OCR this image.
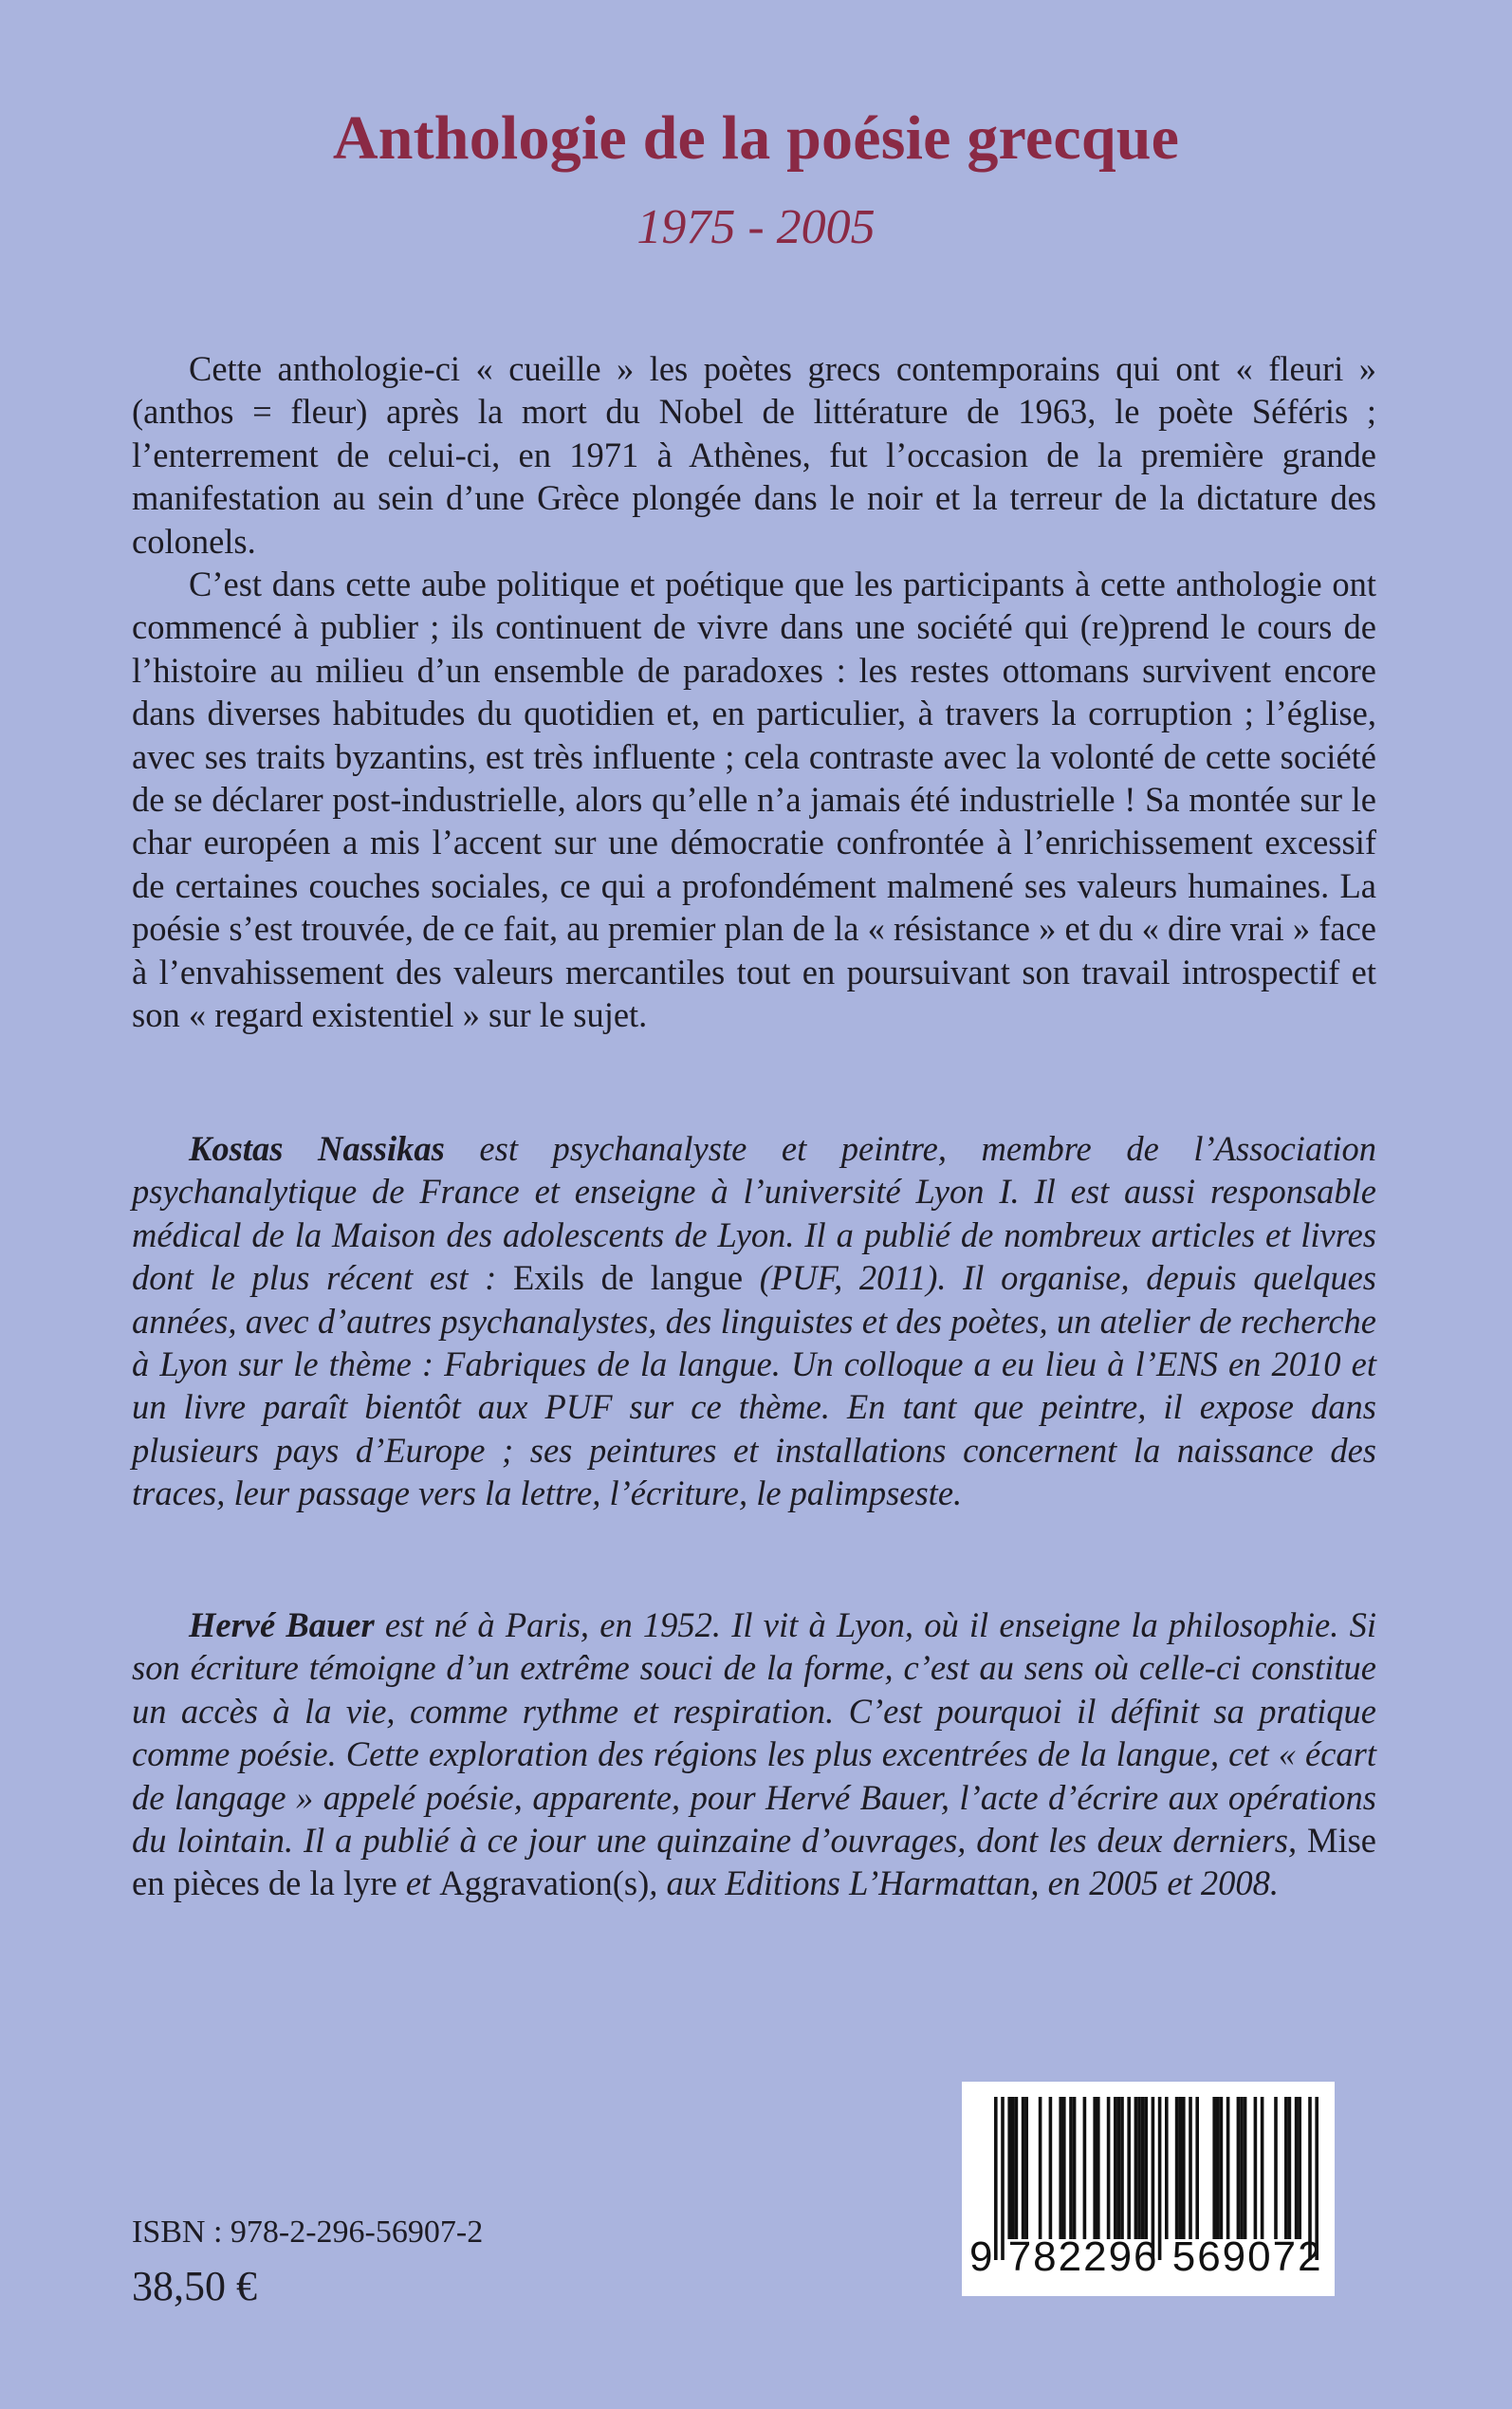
Anthologie de la poésie grecque
1975 - 2005

Cette anthologie-ci « cueille » les poètes grecs contemporains qui ont « fleuri » (anthos = fleur) après la mort du Nobel de littérature de 1963, le poète Séféris ; l’enterrement de celui-ci, en 1971 à Athènes, fut l’occasion de la première grande manifestation au sein d’une Grèce plongée dans le noir et la terreur de la dictature des colonels.

C’est dans cette aube politique et poétique que les participants à cette anthologie ont commencé à publier ; ils continuent de vivre dans une société qui (re)prend le cours de l’histoire au milieu d’un ensemble de paradoxes : les restes ottomans survivent encore dans diverses habitudes du quotidien et, en particulier, à travers la corruption ; l’église, avec ses traits byzantins, est très influente ; cela contraste avec la volonté de cette société de se déclarer post-industrielle, alors qu’elle n’a jamais été industrielle ! Sa montée sur le char européen a mis l’accent sur une démocratie confrontée à l’enrichissement excessif de certaines couches sociales, ce qui a profondément malmené ses valeurs humaines. La poésie s’est trouvée, de ce fait, au premier plan de la « résistance » et du « dire vrai » face à l’envahissement des valeurs mercantiles tout en poursuivant son travail introspectif et son « regard existentiel » sur le sujet.

Kostas Nassikas est psychanalyste et peintre, membre de l’Association psychanalytique de France et enseigne à l’université Lyon I. Il est aussi responsable médical de la Maison des adolescents de Lyon. Il a publié de nombreux articles et livres dont le plus récent est : Exils de langue (PUF, 2011). Il organise, depuis quelques années, avec d’autres psychanalystes, des linguistes et des poètes, un atelier de recherche à Lyon sur le thème : Fabriques de la langue. Un colloque a eu lieu à l’ENS en 2010 et un livre paraît bientôt aux PUF sur ce thème. En tant que peintre, il expose dans plusieurs pays d’Europe ; ses peintures et installations concernent la naissance des traces, leur passage vers la lettre, l’écriture, le palimpseste.

Hervé Bauer est né à Paris, en 1952. Il vit à Lyon, où il enseigne la philosophie. Si son écriture témoigne d’un extrême souci de la forme, c’est au sens où celle-ci constitue un accès à la vie, comme rythme et respiration. C’est pourquoi il définit sa pratique comme poésie. Cette exploration des régions les plus excentrées de la langue, cet « écart de langage » appelé poésie, apparente, pour Hervé Bauer, l’acte d’écrire aux opérations du lointain. Il a publié à ce jour une quinzaine d’ouvrages, dont les deux derniers, Mise en pièces de la lyre et Aggravation(s), aux Editions L’Harmattan, en 2005 et 2008.

ISBN : 978-2-296-56907-2
38,50 €
9 782296 569072
